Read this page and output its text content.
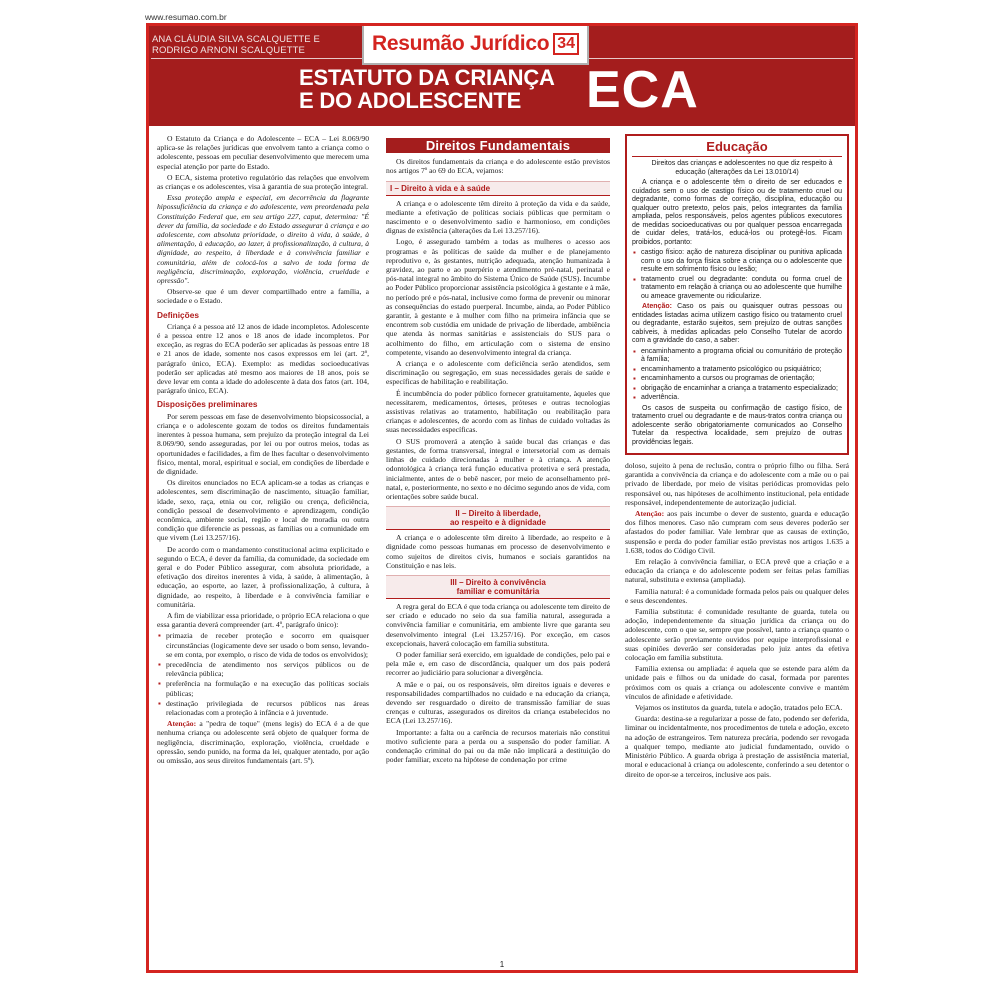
www.resumao.com.br
ANA CLÁUDIA SILVA SCALQUETTE E
RODRIGO ARNONI SCALQUETTE	Resumão Jurídico 34
ESTATUTO DA CRIANÇA
E DO ADOLESCENTE	ECA

O Estatuto da Criança e do Adolescente – ECA – Lei 8.069/90 aplica-se às relações jurídicas que envolvem tanto a criança como o adolescente, pessoas em peculiar desenvolvimento que merecem uma especial atenção por parte do Estado.

O ECA, sistema protetivo regulatório das relações que envolvem as crianças e os adolescentes, visa à garantia de sua proteção integral.

Essa proteção ampla e especial, em decorrência da flagrante hipossuficiência da criança e do adolescente, vem preordenada pela Constituição Federal que, em seu artigo 227, caput, determina: "É dever da família, da sociedade e do Estado assegurar à criança e ao adolescente, com absoluta prioridade, o direito à vida, à saúde, à alimentação, à educação, ao lazer, à profissionalização, à cultura, à dignidade, ao respeito, à liberdade e à convivência familiar e comunitária, além de colocá-los a salvo de toda forma de negligência, discriminação, exploração, violência, crueldade e opressão".

Observe-se que é um dever compartilhado entre a família, a sociedade e o Estado.

Definições

Criança é a pessoa até 12 anos de idade incompletos. Adolescente é a pessoa entre 12 anos e 18 anos de idade incompletos. Por exceção, as regras do ECA poderão ser aplicadas às pessoas entre 18 e 21 anos de idade, somente nos casos expressos em lei (art. 2º, parágrafo único, ECA). Exemplo: as medidas socioeducativas poderão ser aplicadas até mesmo aos maiores de 18 anos, pois se deve levar em conta a idade do adolescente à data dos fatos (art. 104, parágrafo único, ECA).

Disposições preliminares

Por serem pessoas em fase de desenvolvimento biopsicossocial, a criança e o adolescente gozam de todos os direitos fundamentais inerentes à pessoa humana, sem prejuízo da proteção integral da Lei 8.069/90, sendo asseguradas, por lei ou por outros meios, todas as oportunidades e facilidades, a fim de lhes facultar o desenvolvimento físico, mental, moral, espiritual e social, em condições de liberdade e de dignidade.

Os direitos enunciados no ECA aplicam-se a todas as crianças e adolescentes, sem discriminação de nascimento, situação familiar, idade, sexo, raça, etnia ou cor, religião ou crença, deficiência, condição pessoal de desenvolvimento e aprendizagem, condição econômica, ambiente social, região e local de moradia ou outra condição que diferencie as pessoas, as famílias ou a comunidade em que vivem (Lei 13.257/16).

De acordo com o mandamento constitucional acima explicitado e segundo o ECA, é dever da família, da comunidade, da sociedade em geral e do Poder Público assegurar, com absoluta prioridade, a efetivação dos direitos inerentes à vida, à saúde, à alimentação, à educação, ao esporte, ao lazer, à profissionalização, à cultura, à dignidade, ao respeito, à liberdade e à convivência familiar e comunitária.

A fim de viabilizar essa prioridade, o próprio ECA relaciona o que essa garantia deverá compreender (art. 4º, parágrafo único):

▪ primazia de receber proteção e socorro em quaisquer circunstâncias (logicamente deve ser usado o bom senso, levando-se em conta, por exemplo, o risco de vida de todos os envolvidos);
▪ precedência de atendimento nos serviços públicos ou de relevância pública;
▪ preferência na formulação e na execução das políticas sociais públicas;
▪ destinação privilegiada de recursos públicos nas áreas relacionadas com a proteção à infância e à juventude.

Atenção: a "pedra de toque" (mens legis) do ECA é a de que nenhuma criança ou adolescente será objeto de qualquer forma de negligência, discriminação, exploração, violência, crueldade e opressão, sendo punido, na forma da lei, qualquer atentado, por ação ou omissão, aos seus direitos fundamentais (art. 5º).

Direitos Fundamentais

Os direitos fundamentais da criança e do adolescente estão previstos nos artigos 7º ao 69 do ECA, vejamos:

I – Direito à vida e à saúde

A criança e o adolescente têm direito à proteção da vida e da saúde, mediante a efetivação de políticas sociais públicas que permitam o nascimento e o desenvolvimento sadio e harmonioso, em condições dignas de existência (alterações da Lei 13.257/16).

Logo, é assegurado também a todas as mulheres o acesso aos programas e às políticas de saúde da mulher e de planejamento reprodutivo e, às gestantes, nutrição adequada, atenção humanizada à gravidez, ao parto e ao puerpério e atendimento pré-natal, perinatal e pós-natal integral no âmbito do Sistema Único de Saúde (SUS). Incumbe ao Poder Público proporcionar assistência psicológica à gestante e à mãe, no período pré e pós-natal, inclusive como forma de prevenir ou minorar as consequências do estado puerperal. Incumbe, ainda, ao Poder Público garantir, à gestante e à mulher com filho na primeira infância que se encontrem sob custódia em unidade de privação de liberdade, ambiência que atenda às normas sanitárias e assistenciais do SUS para o acolhimento do filho, em articulação com o sistema de ensino competente, visando ao desenvolvimento integral da criança.

A criança e o adolescente com deficiência serão atendidos, sem discriminação ou segregação, em suas necessidades gerais de saúde e específicas de habilitação e reabilitação.

É incumbência do poder público fornecer gratuitamente, àqueles que necessitarem, medicamentos, órteses, próteses e outras tecnologias assistivas relativas ao tratamento, habilitação ou reabilitação para crianças e adolescentes, de acordo com as linhas de cuidado voltadas às suas necessidades específicas.

O SUS promoverá a atenção à saúde bucal das crianças e das gestantes, de forma transversal, integral e intersetorial com as demais linhas de cuidado direcionadas à mulher e à criança. A atenção odontológica à criança terá função educativa protetiva e será prestada, inicialmente, antes de o bebê nascer, por meio de aconselhamento pré-natal, e, posteriormente, no sexto e no décimo segundo anos de vida, com orientações sobre saúde bucal.

II – Direito à liberdade,
ao respeito e à dignidade

A criança e o adolescente têm direito à liberdade, ao respeito e à dignidade como pessoas humanas em processo de desenvolvimento e como sujeitos de direitos civis, humanos e sociais garantidos na Constituição e nas leis.

III – Direito à convivência
familiar e comunitária

A regra geral do ECA é que toda criança ou adolescente tem direito de ser criado e educado no seio da sua família natural, assegurada a convivência familiar e comunitária, em ambiente livre que garanta seu desenvolvimento integral (Lei 13.257/16). Por exceção, em casos excepcionais, haverá colocação em família substituta.

O poder familiar será exercido, em igualdade de condições, pelo pai e pela mãe e, em caso de discordância, qualquer um dos pais poderá recorrer ao judiciário para solucionar a divergência.

A mãe e o pai, ou os responsáveis, têm direitos iguais e deveres e responsabilidades compartilhados no cuidado e na educação da criança, devendo ser resguardado o direito de transmissão familiar de suas crenças e culturas, assegurados os direitos da criança estabelecidos no ECA (Lei 13.257/16).

Importante: a falta ou a carência de recursos materiais não constitui motivo suficiente para a perda ou a suspensão do poder familiar. A condenação criminal do pai ou da mãe não implicará a destituição do poder familiar, exceto na hipótese de condenação por crime

Educação

Direitos das crianças e adolescentes no que diz respeito à educação (alterações da Lei 13.010/14)

A criança e o adolescente têm o direito de ser educados e cuidados sem o uso de castigo físico ou de tratamento cruel ou degradante, como formas de correção, disciplina, educação ou qualquer outro pretexto, pelos pais, pelos integrantes da família ampliada, pelos responsáveis, pelos agentes públicos executores de medidas socioeducativas ou por qualquer pessoa encarregada de cuidar deles, tratá-los, educá-los ou protegê-los. Ficam proibidos, portanto:

▪ castigo físico: ação de natureza disciplinar ou punitiva aplicada com o uso da força física sobre a criança ou o adolescente que resulte em sofrimento físico ou lesão;
▪ tratamento cruel ou degradante: conduta ou forma cruel de tratamento em relação à criança ou ao adolescente que humilhe ou ameace gravemente ou ridicularize.

Atenção: Caso os pais ou quaisquer outras pessoas ou entidades listadas acima utilizem castigo físico ou tratamento cruel ou degradante, estarão sujeitos, sem prejuízo de outras sanções cabíveis, à medidas aplicadas pelo Conselho Tutelar de acordo com a gravidade do caso, a saber:

▪ encaminhamento a programa oficial ou comunitário de proteção à família;
▪ encaminhamento a tratamento psicológico ou psiquiátrico;
▪ encaminhamento a cursos ou programas de orientação;
▪ obrigação de encaminhar a criança a tratamento especializado;
▪ advertência.

Os casos de suspeita ou confirmação de castigo físico, de tratamento cruel ou degradante e de maus-tratos contra criança ou adolescente serão obrigatoriamente comunicados ao Conselho Tutelar da respectiva localidade, sem prejuízo de outras providências legais.

doloso, sujeito à pena de reclusão, contra o próprio filho ou filha. Será garantida a convivência da criança e do adolescente com a mãe ou o pai privado de liberdade, por meio de visitas periódicas promovidas pelo responsável ou, nas hipóteses de acolhimento institucional, pela entidade responsável, independentemente de autorização judicial.

Atenção: aos pais incumbe o dever de sustento, guarda e educação dos filhos menores. Caso não cumpram com seus deveres poderão ser afastados do poder familiar. Vale lembrar que as causas de extinção, suspensão e perda do poder familiar estão previstas nos artigos 1.635 a 1.638, todos do Código Civil.

Em relação à convivência familiar, o ECA prevê que a criação e a educação da criança e do adolescente podem ser feitas pelas famílias natural, substituta e extensa (ampliada).

Família natural: é a comunidade formada pelos pais ou qualquer deles e seus descendentes.

Família substituta: é comunidade resultante de guarda, tutela ou adoção, independentemente da situação jurídica da criança ou do adolescente, com o que se, sempre que possível, tanto a criança quanto o adolescente serão previamente ouvidos por equipe interprofissional e suas opiniões deverão ser consideradas pelo juiz antes da efetiva colocação em família substituta.

Família extensa ou ampliada: é aquela que se estende para além da unidade pais e filhos ou da unidade do casal, formada por parentes próximos com os quais a criança ou adolescente convive e mantém vínculos de afinidade e afetividade.

Vejamos os institutos da guarda, tutela e adoção, tratados pelo ECA.

Guarda: destina-se a regularizar a posse de fato, podendo ser deferida, liminar ou incidentalmente, nos procedimentos de tutela e adoção, exceto na adoção de estrangeiros. Tem natureza precária, podendo ser revogada a qualquer tempo, mediante ato judicial fundamentado, ouvido o Ministério Público. A guarda obriga à prestação de assistência material, moral e educacional à criança ou adolescente, conferindo a seu detentor o direito de opor-se a terceiros, inclusive aos pais.

1
